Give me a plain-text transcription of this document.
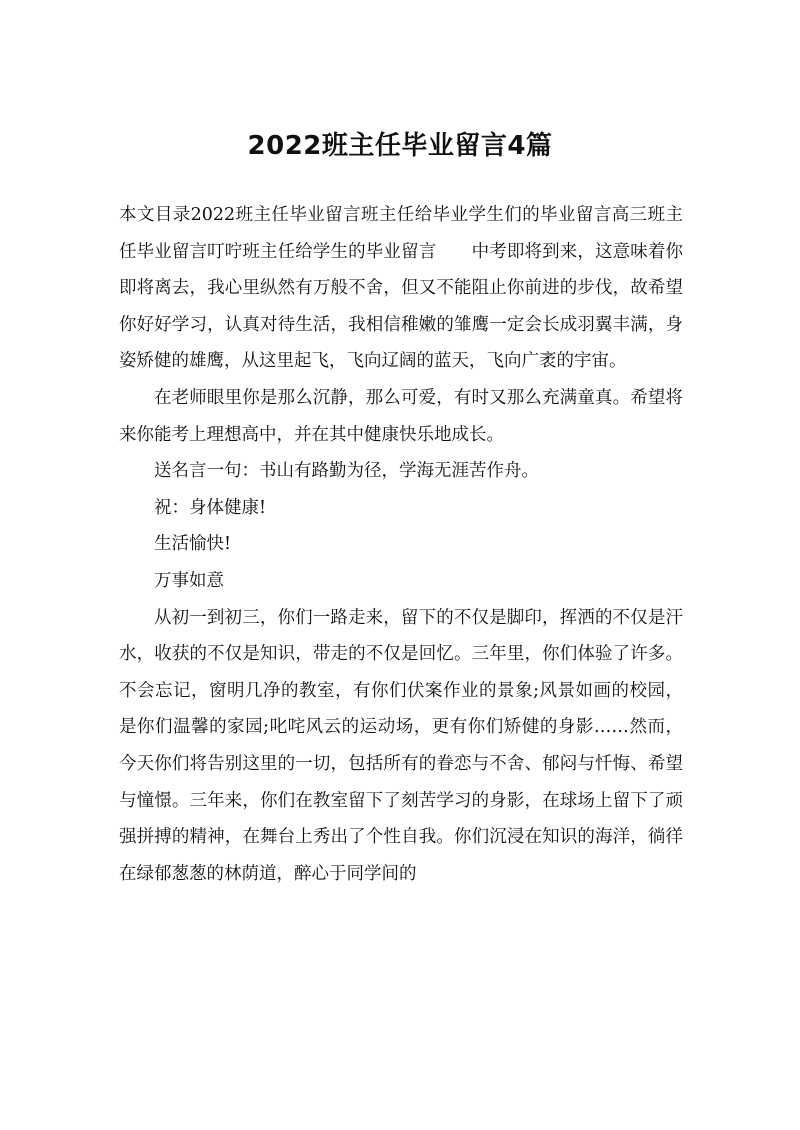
2022班主任毕业留言4篇

本文目录2022班主任毕业留言班主任给毕业学生们的毕业留言高三班主任毕业留言叮咛班主任给学生的毕业留言　　中考即将到来，这意味着你即将离去，我心里纵然有万般不舍，但又不能阻止你前进的步伐，故希望你好好学习，认真对待生活，我相信稚嫩的雏鹰一定会长成羽翼丰满，身姿矫健的雄鹰，从这里起飞，飞向辽阔的蓝天，飞向广袤的宇宙。

在老师眼里你是那么沉静，那么可爱，有时又那么充满童真。希望将来你能考上理想高中，并在其中健康快乐地成长。

送名言一句：书山有路勤为径，学海无涯苦作舟。

祝：身体健康!

生活愉快!

万事如意

从初一到初三，你们一路走来，留下的不仅是脚印，挥洒的不仅是汗水，收获的不仅是知识，带走的不仅是回忆。三年里，你们体验了许多。不会忘记，窗明几净的教室，有你们伏案作业的景象;风景如画的校园，是你们温馨的家园;叱咤风云的运动场，更有你们矫健的身影……然而，今天你们将告别这里的一切，包括所有的眷恋与不舍、郁闷与忏悔、希望与憧憬。三年来，你们在教室留下了刻苦学习的身影，在球场上留下了顽强拼搏的精神，在舞台上秀出了个性自我。你们沉浸在知识的海洋，徜徉在绿郁葱葱的林荫道，醉心于同学间的
